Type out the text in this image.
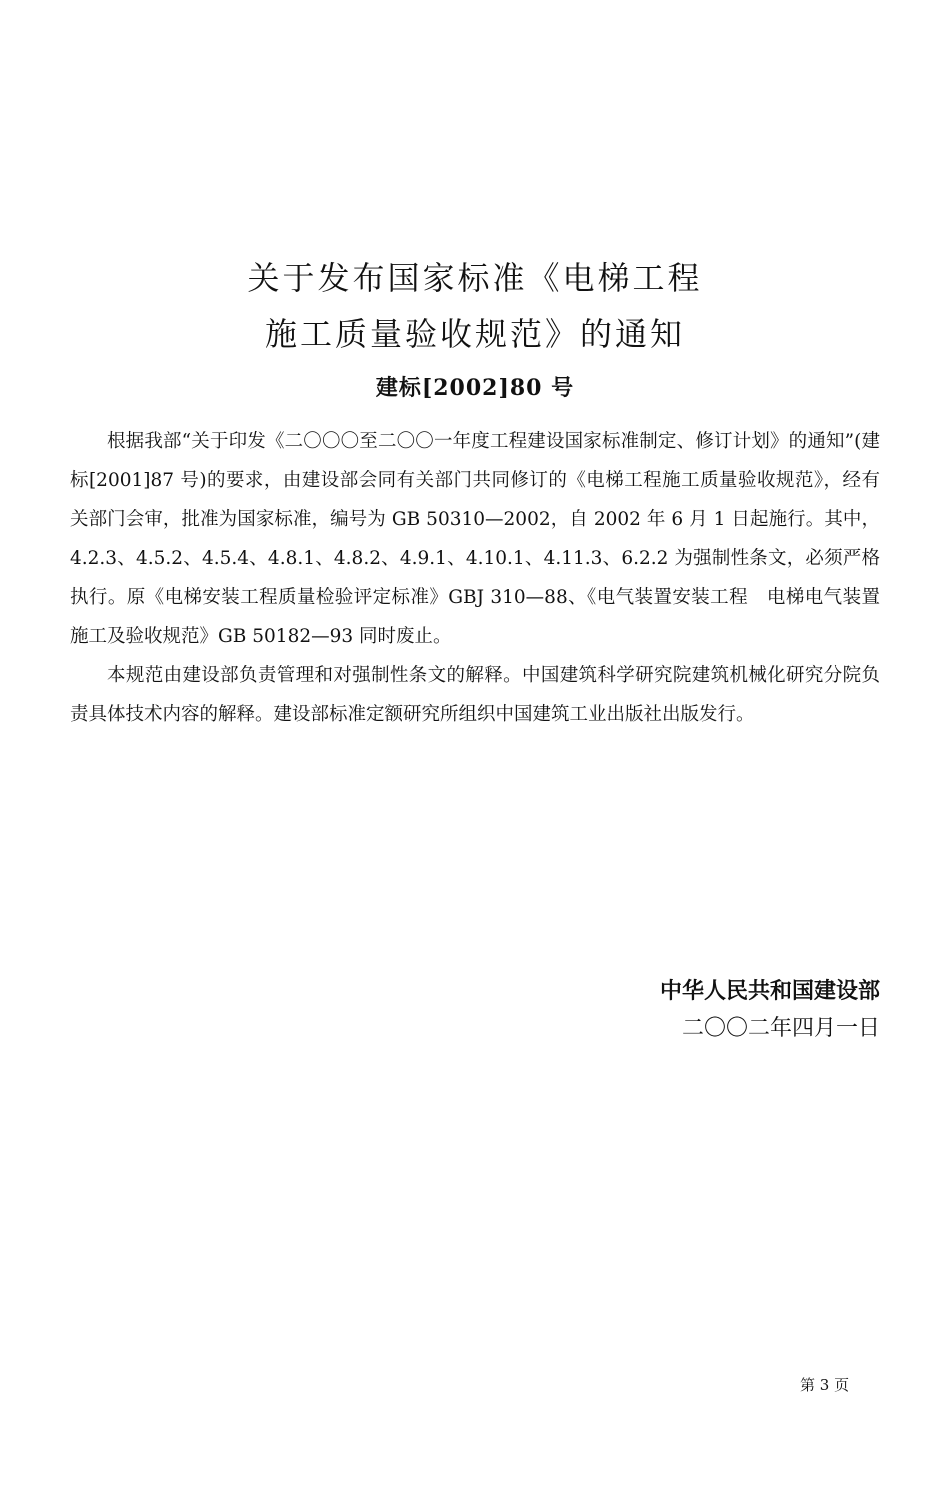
关于发布国家标准《电梯工程
施工质量验收规范》的通知
建标[2002]80 号

根据我部“关于印发《二〇〇〇至二〇〇一年度工程建设国家标准制定、修订计划》的通知”(建标[2001]87 号)的要求，由建设部会同有关部门共同修订的《电梯工程施工质量验收规范》，经有关部门会审，批准为国家标准，编号为 GB 50310—2002，自 2002 年 6 月 1 日起施行。其中，4.2.3、4.5.2、4.5.4、4.8.1、4.8.2、4.9.1、4.10.1、4.11.3、6.2.2 为强制性条文，必须严格执行。原《电梯安装工程质量检验评定标准》GBJ 310—88、《电气装置安装工程　电梯电气装置施工及验收规范》GB 50182—93 同时废止。

本规范由建设部负责管理和对强制性条文的解释。中国建筑科学研究院建筑机械化研究分院负责具体技术内容的解释。建设部标准定额研究所组织中国建筑工业出版社出版发行。

中华人民共和国建设部
二〇〇二年四月一日
第 3 页
